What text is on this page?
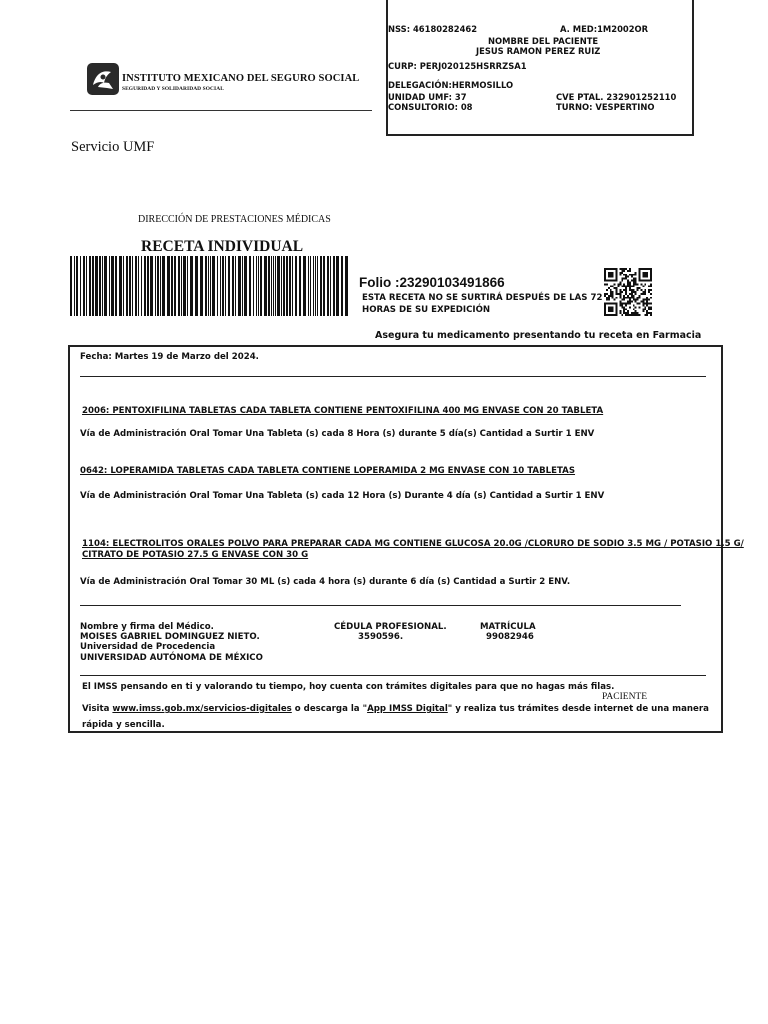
NSS: 46180282462	A. MED:1M2002OR
NOMBRE DEL PACIENTE
JESUS RAMON PEREZ RUIZ
CURP: PERJ020125HSRRZSA1
DELEGACIÓN:HERMOSILLO
UNIDAD UMF: 37	CVE PTAL. 232901252110
CONSULTORIO: 08	TURNO: VESPERTINO
INSTITUTO MEXICANO DEL SEGURO SOCIAL
SEGURIDAD Y SOLIDARIDAD SOCIAL
Servicio UMF
DIRECCIÓN DE PRESTACIONES MÉDICAS
RECETA INDIVIDUAL
Folio :23290103491866
ESTA RECETA NO SE SURTIRÁ DESPUÉS DE LAS 72
HORAS DE SU EXPEDICIÓN
Asegura tu medicamento presentando tu receta en Farmacia
Fecha: Martes 19 de Marzo del 2024.
2006: PENTOXIFILINA TABLETAS CADA TABLETA CONTIENE PENTOXIFILINA 400 MG ENVASE CON 20 TABLETA
Vía de Administración Oral Tomar Una Tableta (s) cada 8 Hora (s) durante 5 día(s) Cantidad a Surtir 1 ENV
0642: LOPERAMIDA TABLETAS CADA TABLETA CONTIENE LOPERAMIDA 2 MG ENVASE CON 10 TABLETAS
Vía de Administración Oral Tomar Una Tableta (s) cada 12 Hora (s) Durante 4 día (s) Cantidad a Surtir 1 ENV
1104: ELECTROLITOS ORALES POLVO PARA PREPARAR CADA MG CONTIENE GLUCOSA 20.0G /CLORURO DE SODIO 3.5 MG / POTASIO 1.5 G/
CITRATO DE POTASIO 27.5 G ENVASE CON 30 G
Vía de Administración Oral Tomar 30 ML (s) cada 4 hora (s) durante 6 día (s) Cantidad a Surtir 2 ENV.
Nombre y firma del Médico.
MOISES GABRIEL DOMINGUEZ NIETO.
Universidad de Procedencia
UNIVERSIDAD AUTÓNOMA DE MÉXICO
CÉDULA PROFESIONAL.
3590596.
MATRÍCULA
99082946
El IMSS pensando en ti y valorando tu tiempo, hoy cuenta con trámites digitales para que no hagas más filas.
PACIENTE
Visita www.imss.gob.mx/servicios-digitales o descarga la "App IMSS Digital" y realiza tus trámites desde internet de una manera
rápida y sencilla.
